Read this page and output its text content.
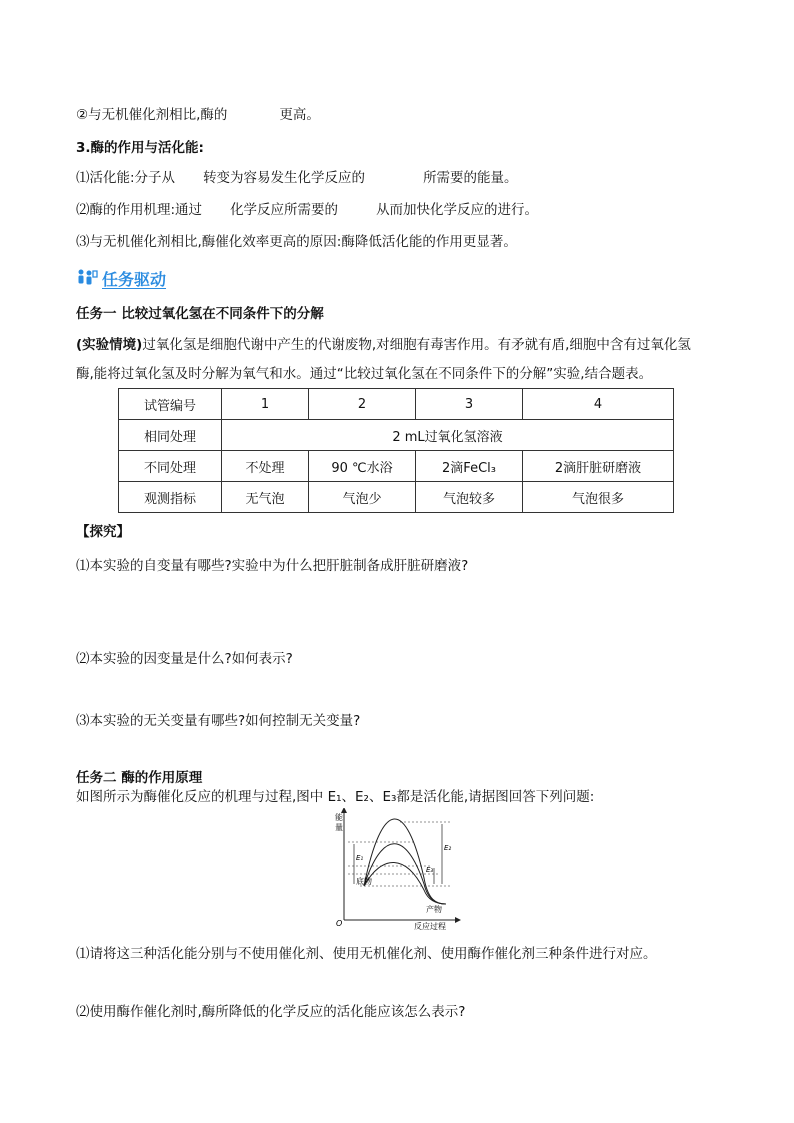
②与无机催化剂相比,酶的	更高。
3.酶的作用与活化能:
⑴活化能:分子从 转变为容易发生化学反应的	所需要的能量。
⑵酶的作用机理:通过 化学反应所需要的	从而加快化学反应的进行。
⑶与无机催化剂相比,酶催化效率更高的原因:酶降低活化能的作用更显著。
任务驱动
任务一 比较过氧化氢在不同条件下的分解
(实验情境)过氧化氢是细胞代谢中产生的代谢废物,对细胞有毒害作用。有矛就有盾,细胞中含有过氧化氢
酶,能将过氧化氢及时分解为氧气和水。通过“比较过氧化氢在不同条件下的分解”实验,结合题表。
试管编号	1	2	3	4
相同处理	2 mL过氧化氢溶液			
不同处理	不处理	90 ℃水浴	2滴FeCl₃	2滴肝脏研磨液
观测指标	无气泡	气泡少	气泡较多	气泡很多
【探究】
⑴本实验的自变量有哪些?实验中为什么把肝脏制备成肝脏研磨液?
⑵本实验的因变量是什么?如何表示?
⑶本实验的无关变量有哪些?如何控制无关变量?
任务二 酶的作用原理
如图所示为酶催化反应的机理与过程,图中 E₁、E₂、E₃都是活化能,请据图回答下列问题:
能
量
O	反应过程
E₁
E₂
E₃
底物
产物
⑴请将这三种活化能分别与不使用催化剂、使用无机催化剂、使用酶作催化剂三种条件进行对应。
⑵使用酶作催化剂时,酶所降低的化学反应的活化能应该怎么表示?
